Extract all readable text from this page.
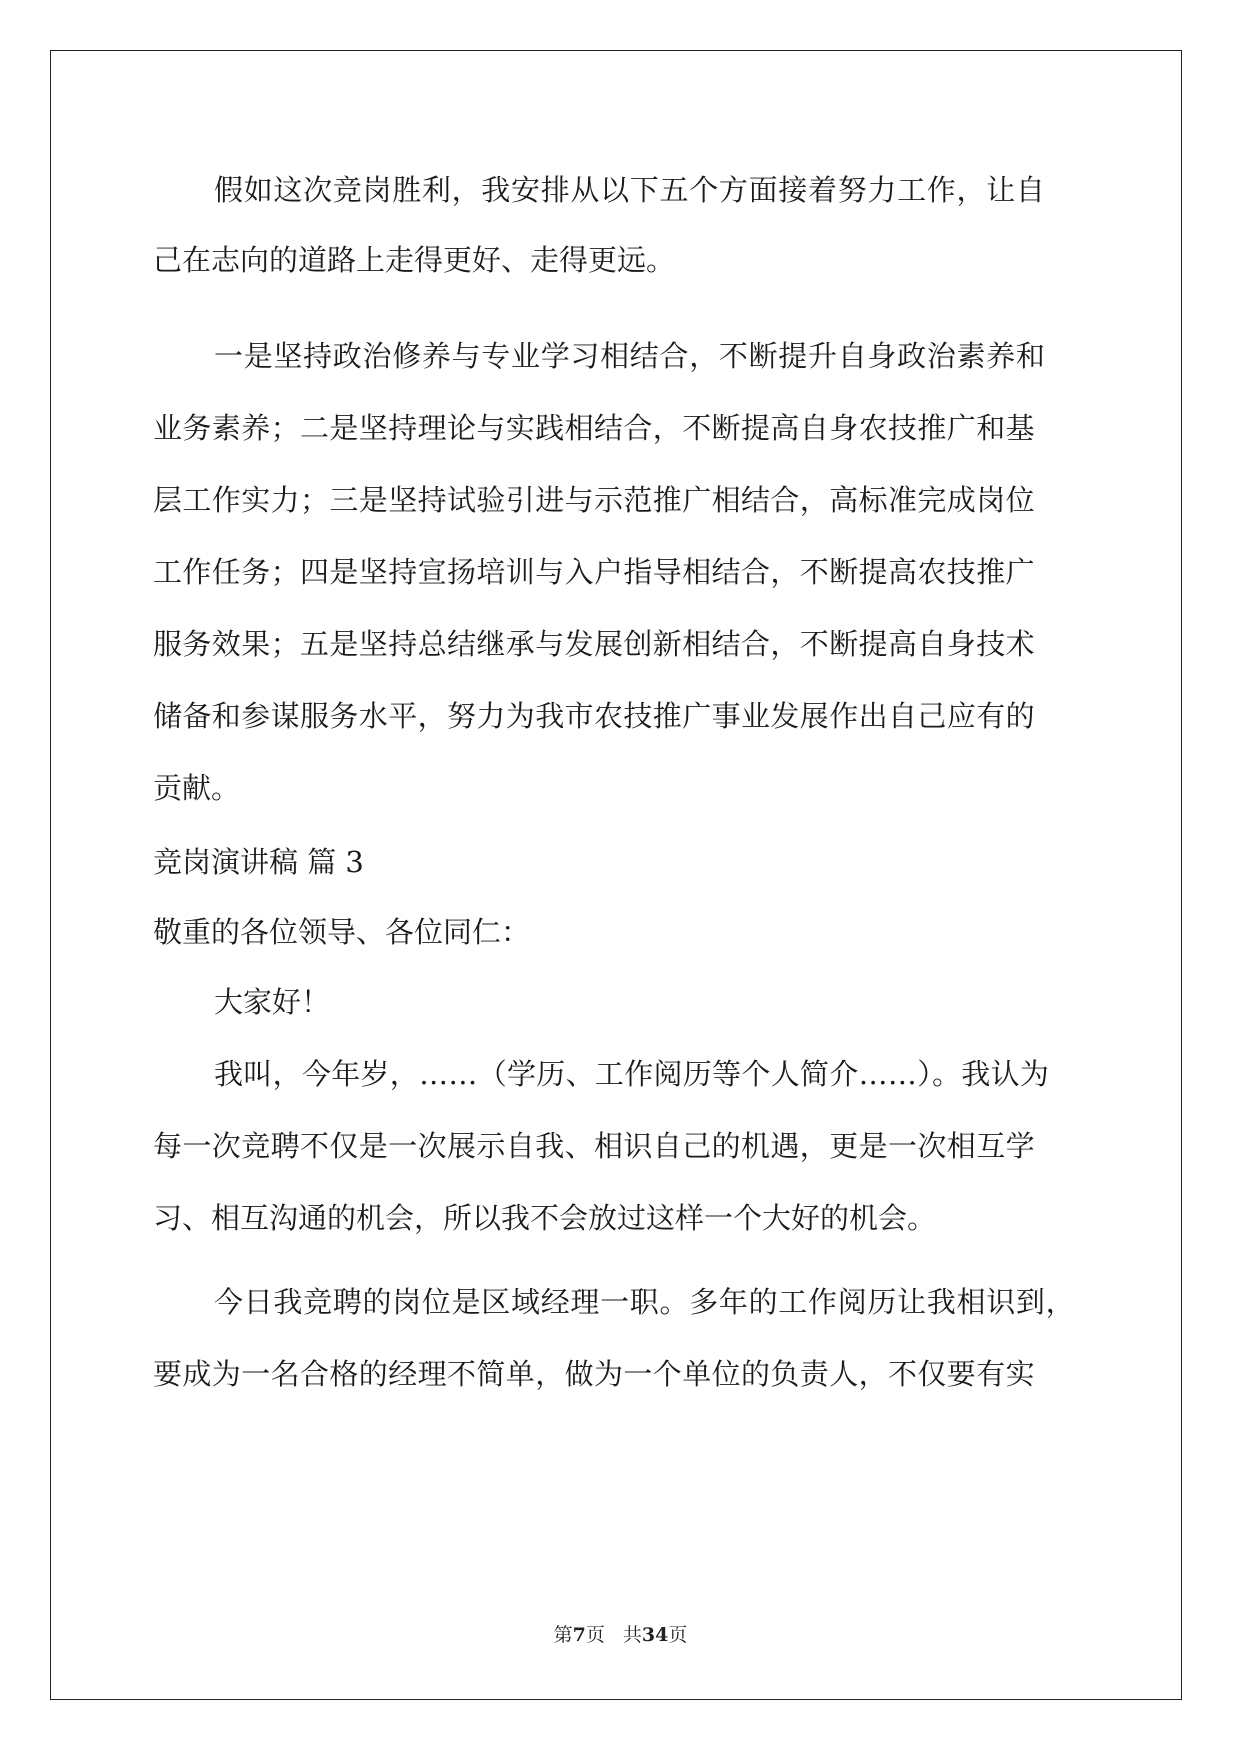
假如这次竞岗胜利，我安排从以下五个方面接着努力工作，让自

己在志向的道路上走得更好、走得更远。

一是坚持政治修养与专业学习相结合，不断提升自身政治素养和

业务素养；二是坚持理论与实践相结合，不断提高自身农技推广和基

层工作实力；三是坚持试验引进与示范推广相结合，高标准完成岗位

工作任务；四是坚持宣扬培训与入户指导相结合，不断提高农技推广

服务效果；五是坚持总结继承与发展创新相结合，不断提高自身技术

储备和参谋服务水平，努力为我市农技推广事业发展作出自己应有的

贡献。

竞岗演讲稿 篇 3

敬重的各位领导、各位同仁：

大家好！

我叫，今年岁，……（学历、工作阅历等个人简介……）。我认为

每一次竞聘不仅是一次展示自我、相识自己的机遇，更是一次相互学

习、相互沟通的机会，所以我不会放过这样一个大好的机会。

今日我竞聘的岗位是区域经理一职。多年的工作阅历让我相识到，

要成为一名合格的经理不简单，做为一个单位的负责人，不仅要有实

第7页 共34页
